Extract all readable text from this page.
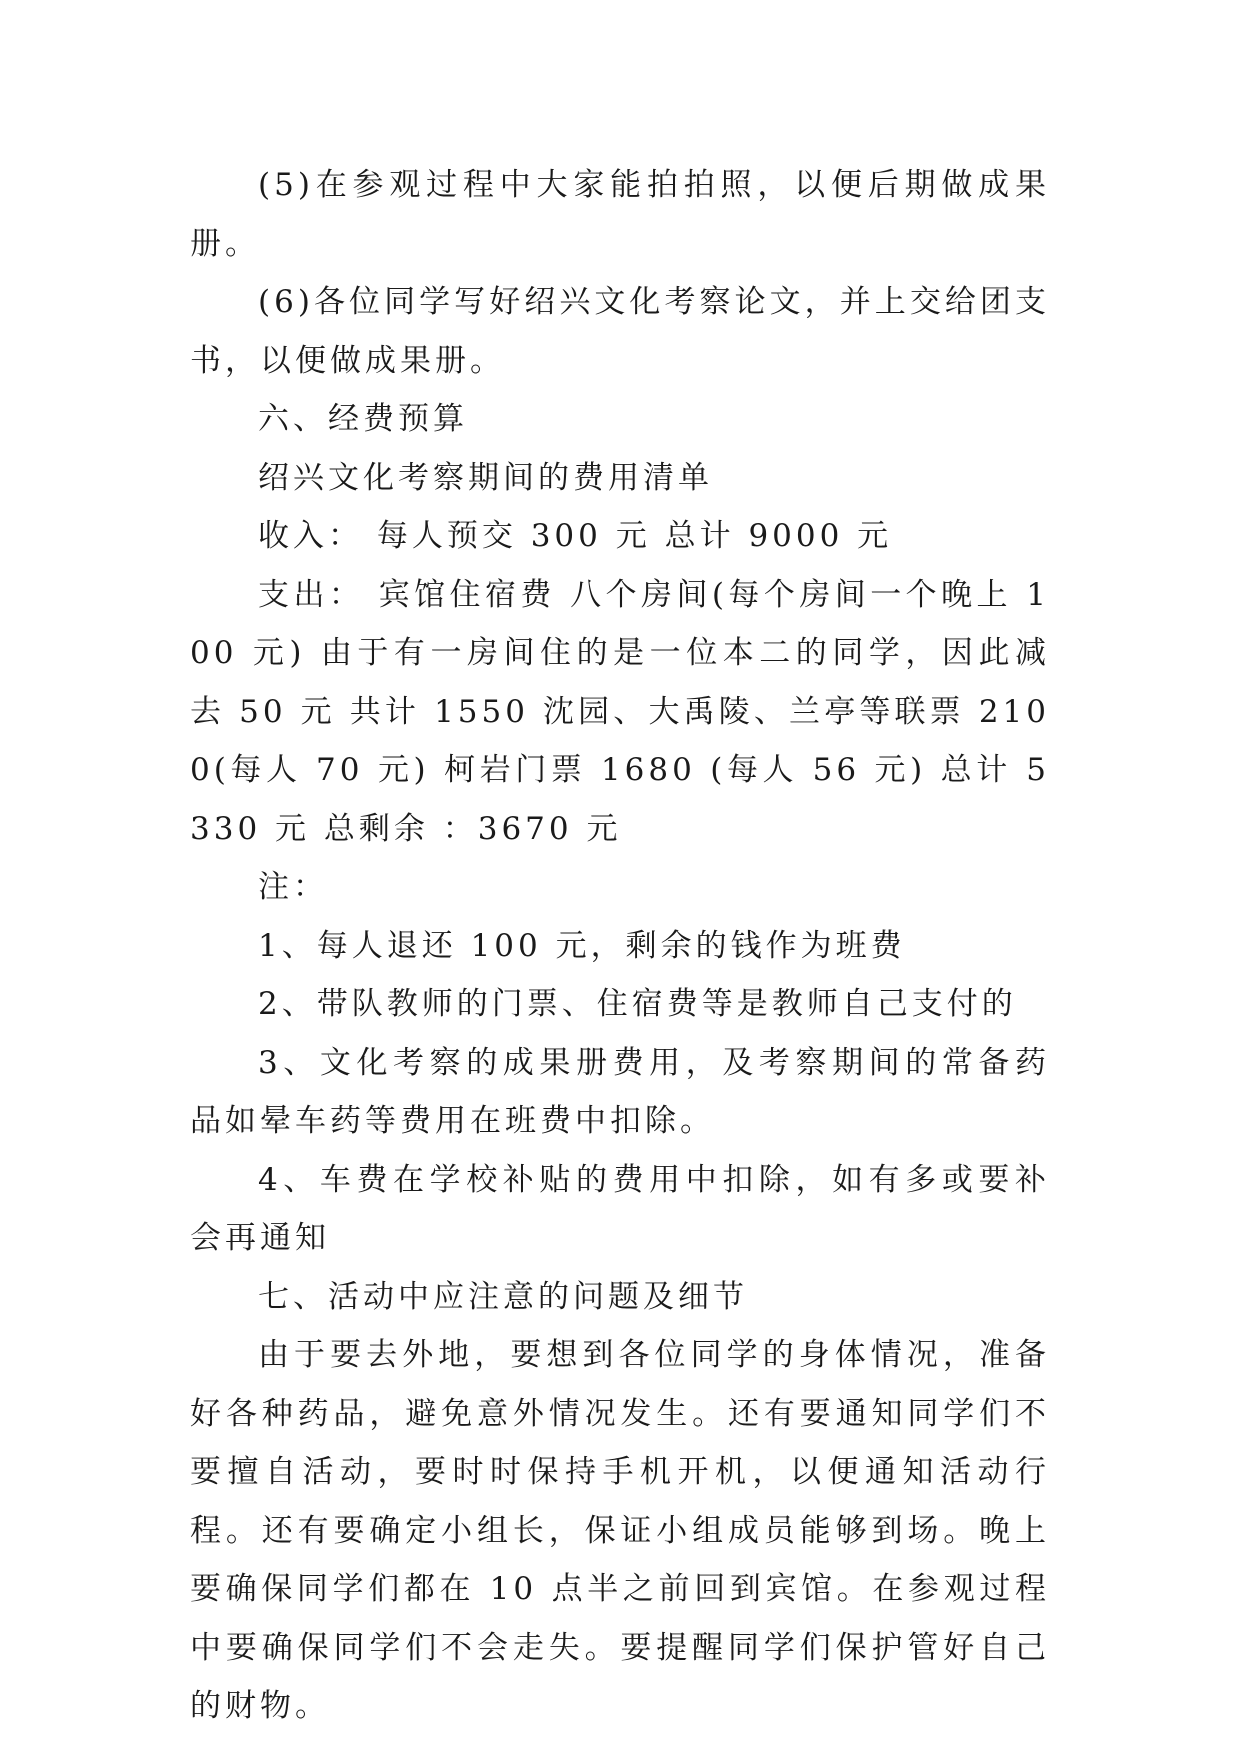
(5)在参观过程中大家能拍拍照，以便后期做成果册。

(6)各位同学写好绍兴文化考察论文，并上交给团支书，以便做成果册。

六、经费预算

绍兴文化考察期间的费用清单

收入： 每人预交 300 元 总计 9000 元

支出： 宾馆住宿费 八个房间(每个房间一个晚上 100 元) 由于有一房间住的是一位本二的同学，因此减去 50 元 共计 1550 沈园、大禹陵、兰亭等联票 2100(每人 70 元) 柯岩门票 1680 (每人 56 元) 总计 5330 元 总剩余 ：3670 元

注：

1、每人退还 100 元，剩余的钱作为班费

2、带队教师的门票、住宿费等是教师自己支付的

3、文化考察的成果册费用，及考察期间的常备药品如晕车药等费用在班费中扣除。

4、车费在学校补贴的费用中扣除，如有多或要补会再通知

七、活动中应注意的问题及细节

由于要去外地，要想到各位同学的身体情况，准备好各种药品，避免意外情况发生。还有要通知同学们不要擅自活动，要时时保持手机开机，以便通知活动行程。还有要确定小组长，保证小组成员能够到场。晚上要确保同学们都在 10 点半之前回到宾馆。在参观过程中要确保同学们不会走失。要提醒同学们保护管好自己的财物。
